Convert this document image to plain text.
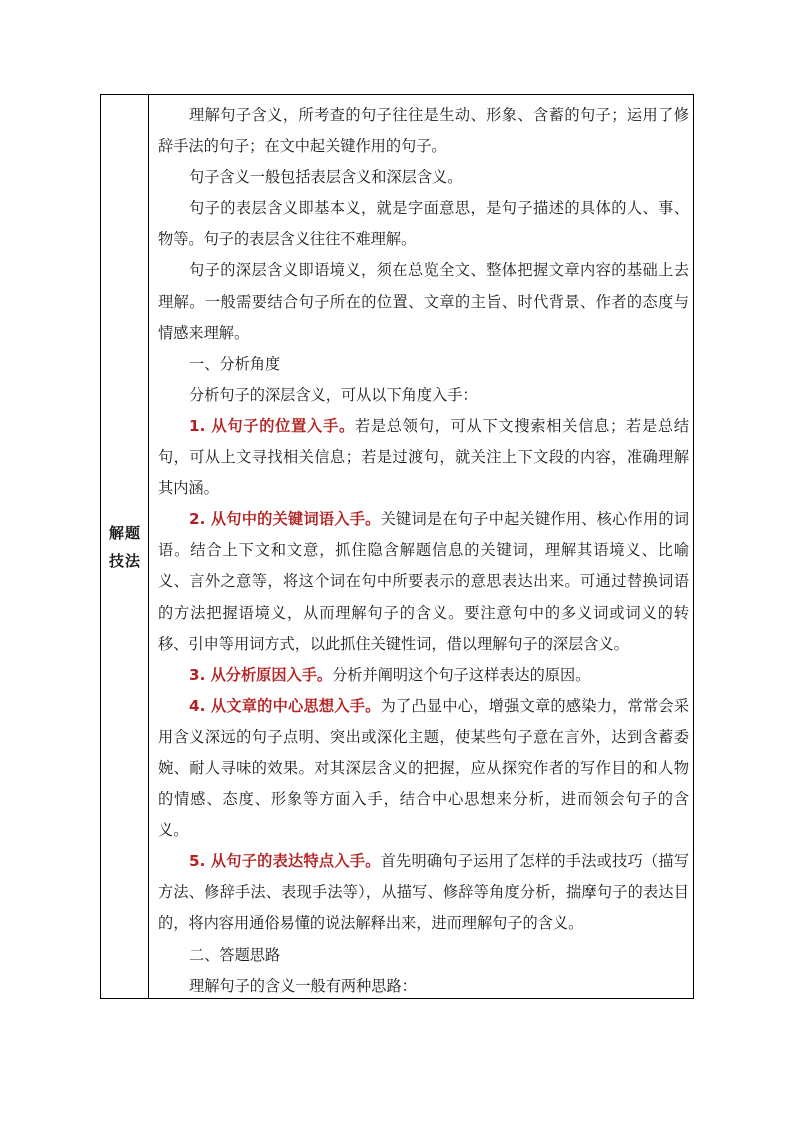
解题
技法

理解句子含义，所考查的句子往往是生动、形象、含蓄的句子；运用了修辞手法的句子；在文中起关键作用的句子。

句子含义一般包括表层含义和深层含义。

句子的表层含义即基本义，就是字面意思，是句子描述的具体的人、事、物等。句子的表层含义往往不难理解。

句子的深层含义即语境义，须在总览全文、整体把握文章内容的基础上去理解。一般需要结合句子所在的位置、文章的主旨、时代背景、作者的态度与情感来理解。

一、分析角度

分析句子的深层含义，可从以下角度入手：

1. 从句子的位置入手。若是总领句，可从下文搜索相关信息；若是总结句，可从上文寻找相关信息；若是过渡句，就关注上下文段的内容，准确理解其内涵。

2. 从句中的关键词语入手。关键词是在句子中起关键作用、核心作用的词语。结合上下文和文意，抓住隐含解题信息的关键词，理解其语境义、比喻义、言外之意等，将这个词在句中所要表示的意思表达出来。可通过替换词语的方法把握语境义，从而理解句子的含义。要注意句中的多义词或词义的转移、引申等用词方式，以此抓住关键性词，借以理解句子的深层含义。

3. 从分析原因入手。分析并阐明这个句子这样表达的原因。

4. 从文章的中心思想入手。为了凸显中心，增强文章的感染力，常常会采用含义深远的句子点明、突出或深化主题，使某些句子意在言外，达到含蓄委婉、耐人寻味的效果。对其深层含义的把握，应从探究作者的写作目的和人物的情感、态度、形象等方面入手，结合中心思想来分析，进而领会句子的含义。

5. 从句子的表达特点入手。首先明确句子运用了怎样的手法或技巧（描写方法、修辞手法、表现手法等），从描写、修辞等角度分析，揣摩句子的表达目的，将内容用通俗易懂的说法解释出来，进而理解句子的含义。

二、答题思路

理解句子的含义一般有两种思路：
